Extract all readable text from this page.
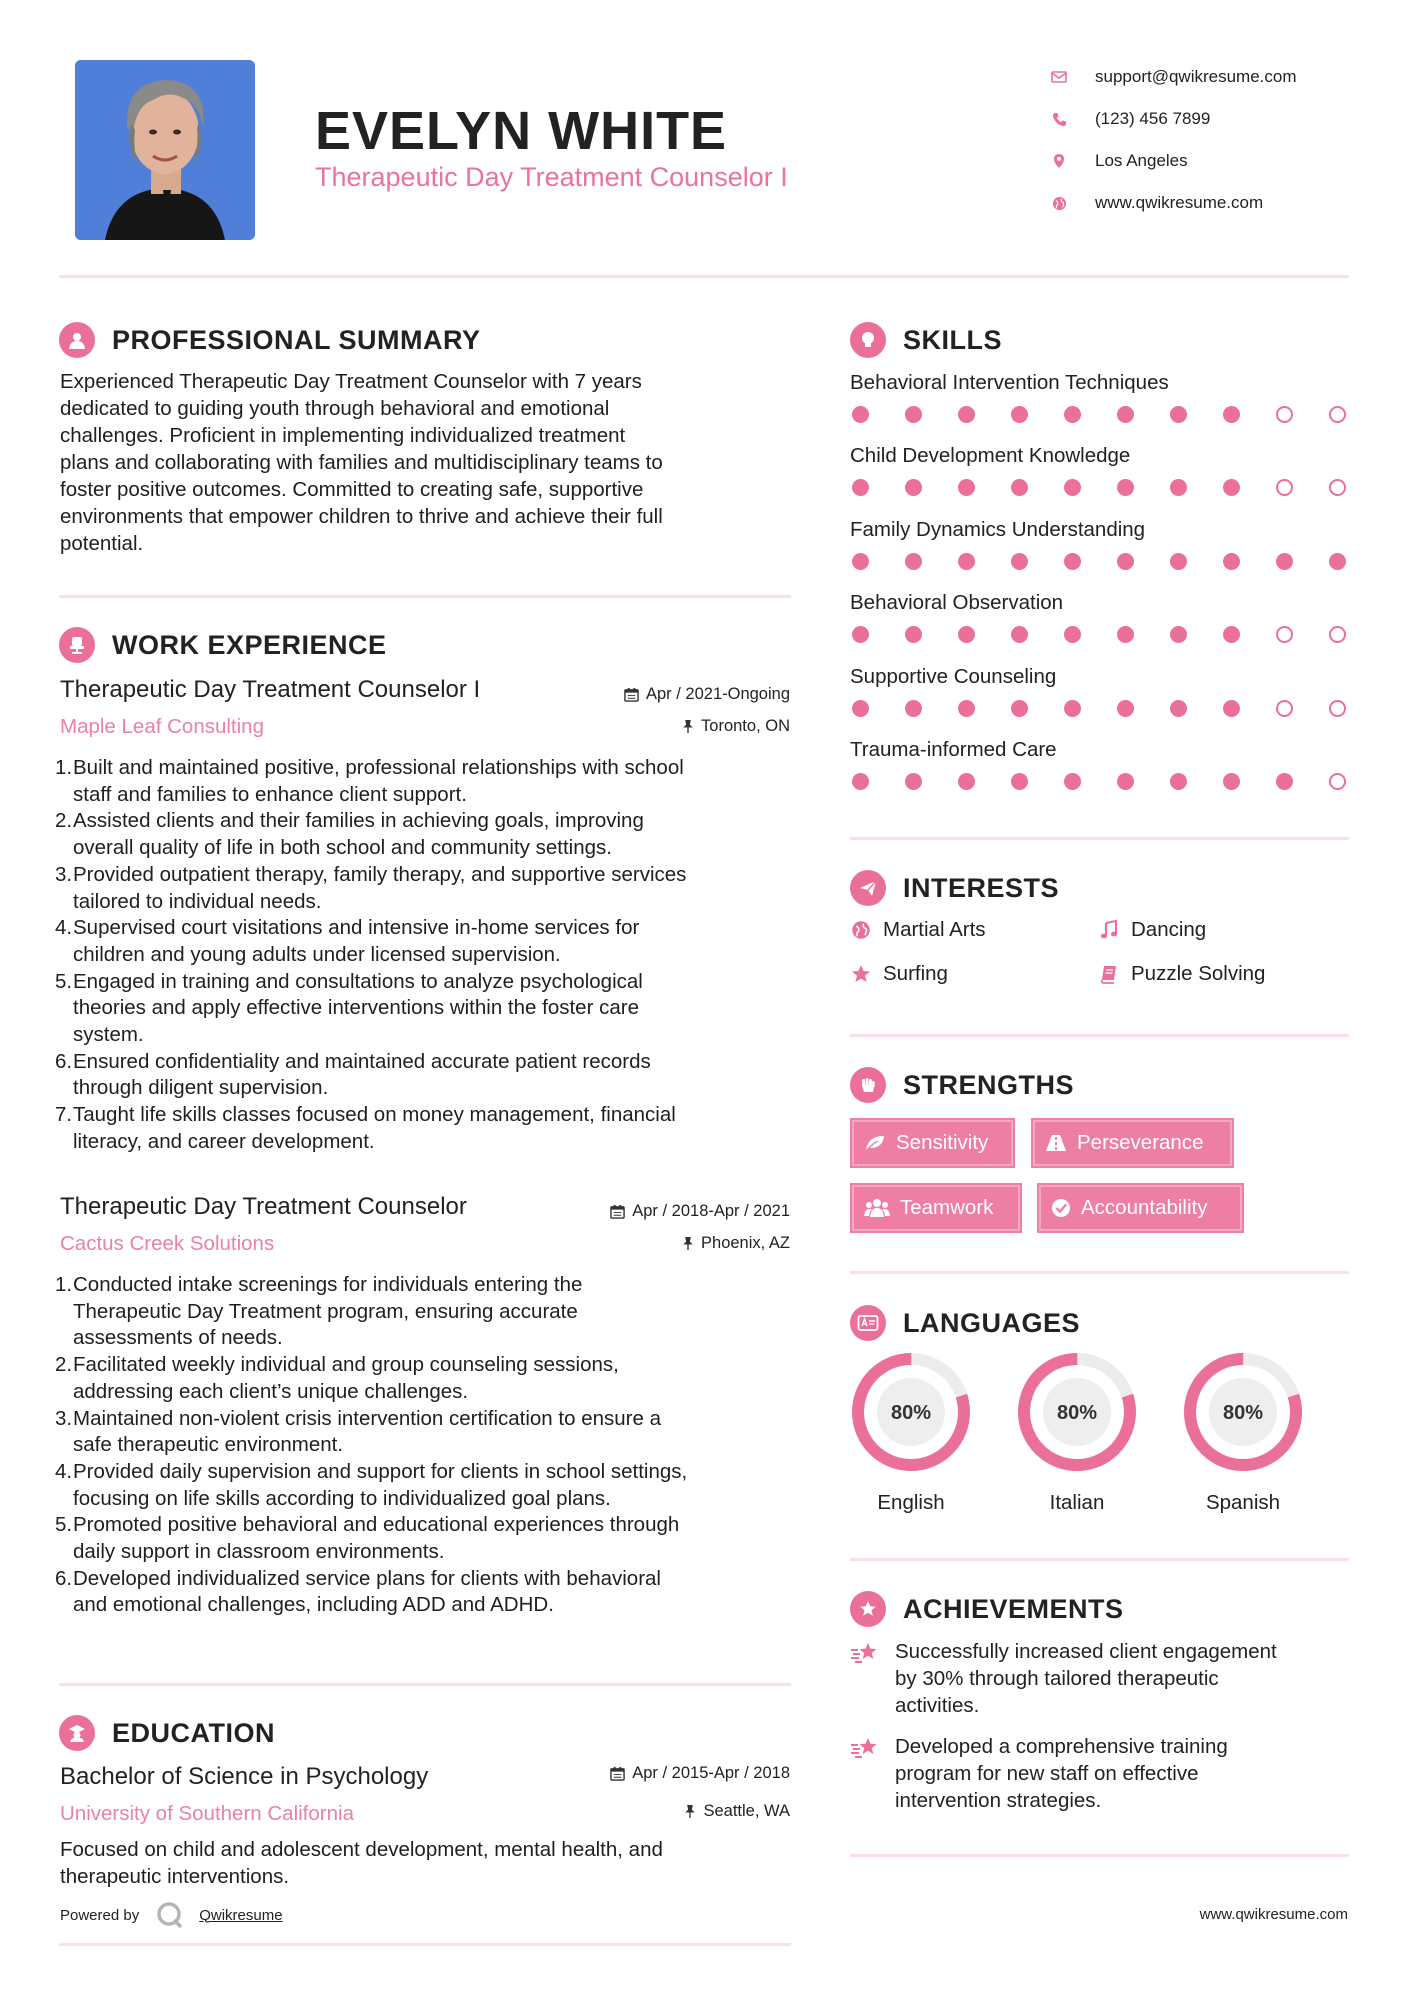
EVELYN WHITE
Therapeutic Day Treatment Counselor I
support@qwikresume.com
(123) 456 7899
Los Angeles
www.qwikresume.com
PROFESSIONAL SUMMARY
Experienced Therapeutic Day Treatment Counselor with 7 years
dedicated to guiding youth through behavioral and emotional
challenges. Proficient in implementing individualized treatment
plans and collaborating with families and multidisciplinary teams to
foster positive outcomes. Committed to creating safe, supportive
environments that empower children to thrive and achieve their full
potential.
WORK EXPERIENCE
Therapeutic Day Treatment Counselor I
Maple Leaf Consulting
Apr / 2021-Ongoing
Toronto, ON
1. Built and maintained positive, professional relationships with school
staff and families to enhance client support.
2. Assisted clients and their families in achieving goals, improving
overall quality of life in both school and community settings.
3. Provided outpatient therapy, family therapy, and supportive services
tailored to individual needs.
4. Supervised court visitations and intensive in-home services for
children and young adults under licensed supervision.
5. Engaged in training and consultations to analyze psychological
theories and apply effective interventions within the foster care
system.
6. Ensured confidentiality and maintained accurate patient records
through diligent supervision.
7. Taught life skills classes focused on money management, financial
literacy, and career development.
Therapeutic Day Treatment Counselor
Cactus Creek Solutions
Apr / 2018-Apr / 2021
Phoenix, AZ
1. Conducted intake screenings for individuals entering the
Therapeutic Day Treatment program, ensuring accurate
assessments of needs.
2. Facilitated weekly individual and group counseling sessions,
addressing each client’s unique challenges.
3. Maintained non-violent crisis intervention certification to ensure a
safe therapeutic environment.
4. Provided daily supervision and support for clients in school settings,
focusing on life skills according to individualized goal plans.
5. Promoted positive behavioral and educational experiences through
daily support in classroom environments.
6. Developed individualized service plans for clients with behavioral
and emotional challenges, including ADD and ADHD.
EDUCATION
Bachelor of Science in Psychology
University of Southern California
Apr / 2015-Apr / 2018
Seattle, WA
Focused on child and adolescent development, mental health, and
therapeutic interventions.
Powered by	Qwikresume	www.qwikresume.com
SKILLS
Behavioral Intervention Techniques
Child Development Knowledge
Family Dynamics Understanding
Behavioral Observation
Supportive Counseling
Trauma-informed Care
INTERESTS
Martial Arts	Dancing
Surfing	Puzzle Solving
STRENGTHS
Sensitivity	Perseverance
Teamwork	Accountability
LANGUAGES
80%
English
80%
Italian
80%
Spanish
ACHIEVEMENTS
Successfully increased client engagement
by 30% through tailored therapeutic
activities.
Developed a comprehensive training
program for new staff on effective
intervention strategies.
